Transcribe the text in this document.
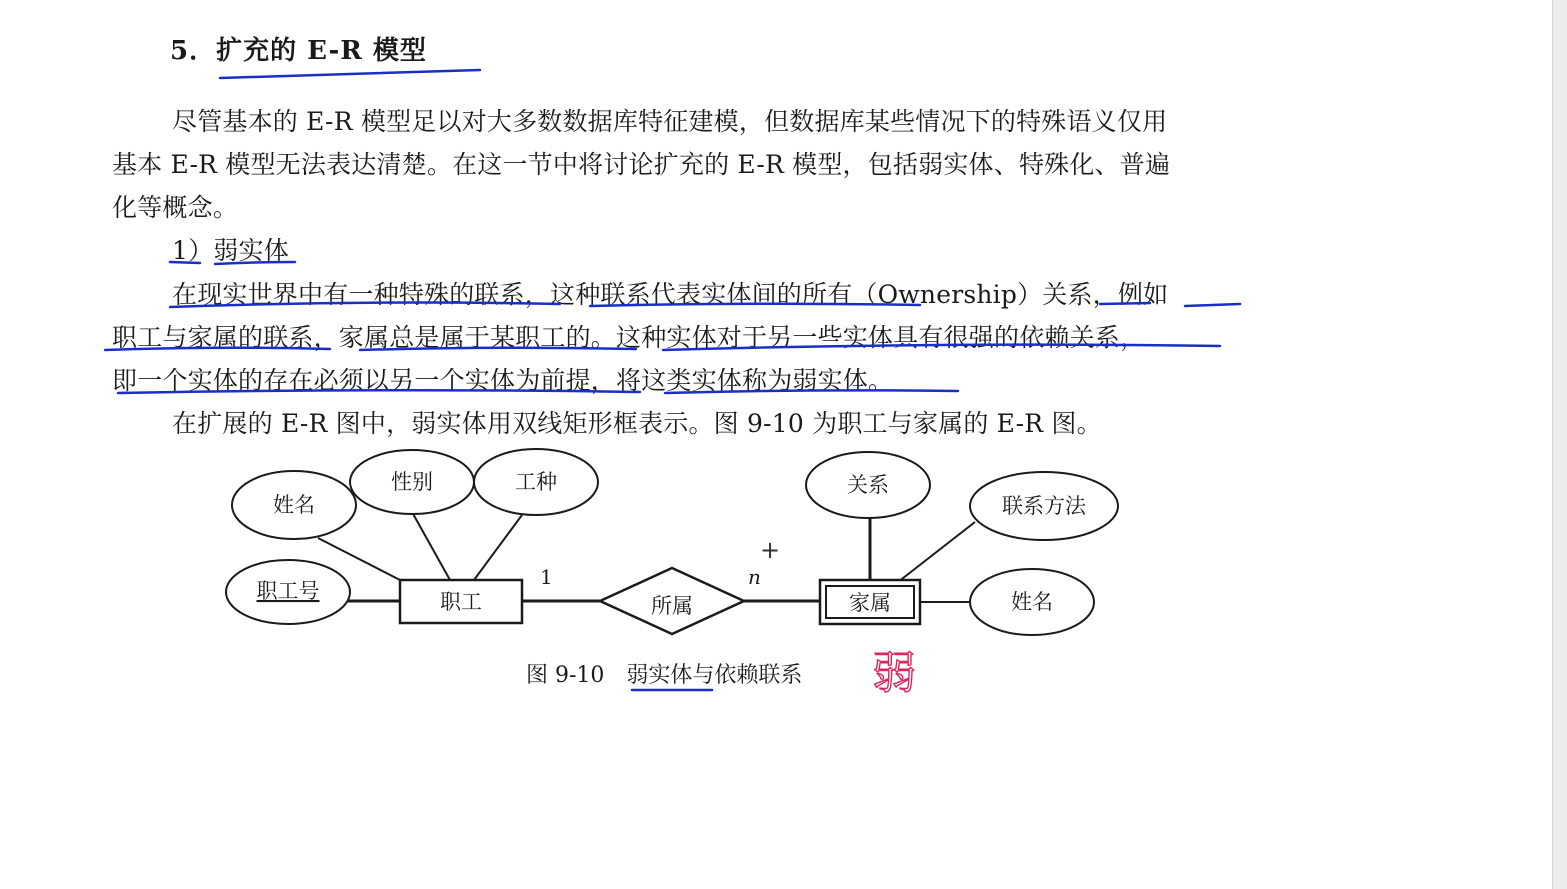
5．扩充的 E-R 模型
尽管基本的 E-R 模型足以对大多数数据库特征建模，但数据库某些情况下的特殊语义仅用
基本 E-R 模型无法表达清楚。在这一节中将讨论扩充的 E-R 模型，包括弱实体、特殊化、普遍
化等概念。
1）弱实体
在现实世界中有一种特殊的联系，这种联系代表实体间的所有（Ownership）关系，例如
职工与家属的联系，家属总是属于某职工的。这种实体对于另一些实体具有很强的依赖关系，
即一个实体的存在必须以另一个实体为前提，将这类实体称为弱实体。
在扩展的 E-R 图中，弱实体用双线矩形框表示。图 9-10 为职工与家属的 E-R 图。
姓名
性别	工种
职工号	职工	所属	家属
关系
联系方法
姓名
1	n
+
图 9-10 弱实体与依赖联系 弱
